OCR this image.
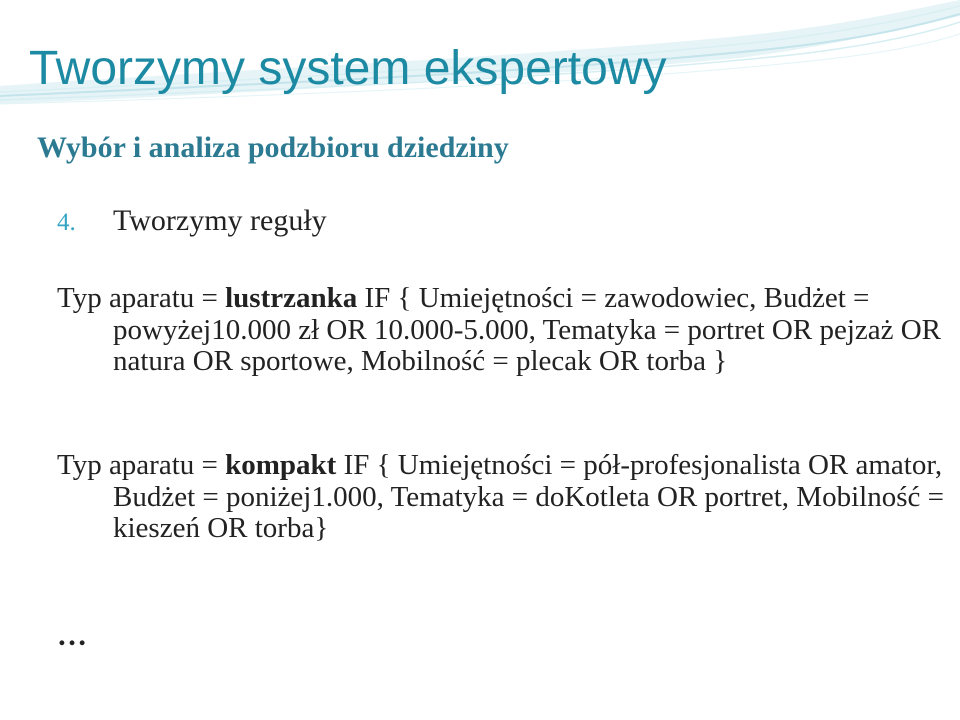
Tworzymy system ekspertowy
Wybór i analiza podzbioru dziedziny
4. Tworzymy reguły
Typ aparatu = lustrzanka IF { Umiejętności = zawodowiec, Budżet = powyżej10.000 zł OR 10.000-5.000, Tematyka = portret OR pejzaż OR natura OR sportowe, Mobilność = plecak OR torba }
Typ aparatu = kompakt IF { Umiejętności = pół-profesjonalista OR amator, Budżet = poniżej1.000, Tematyka = doKotleta OR portret, Mobilność = kieszeń OR torba}
…
